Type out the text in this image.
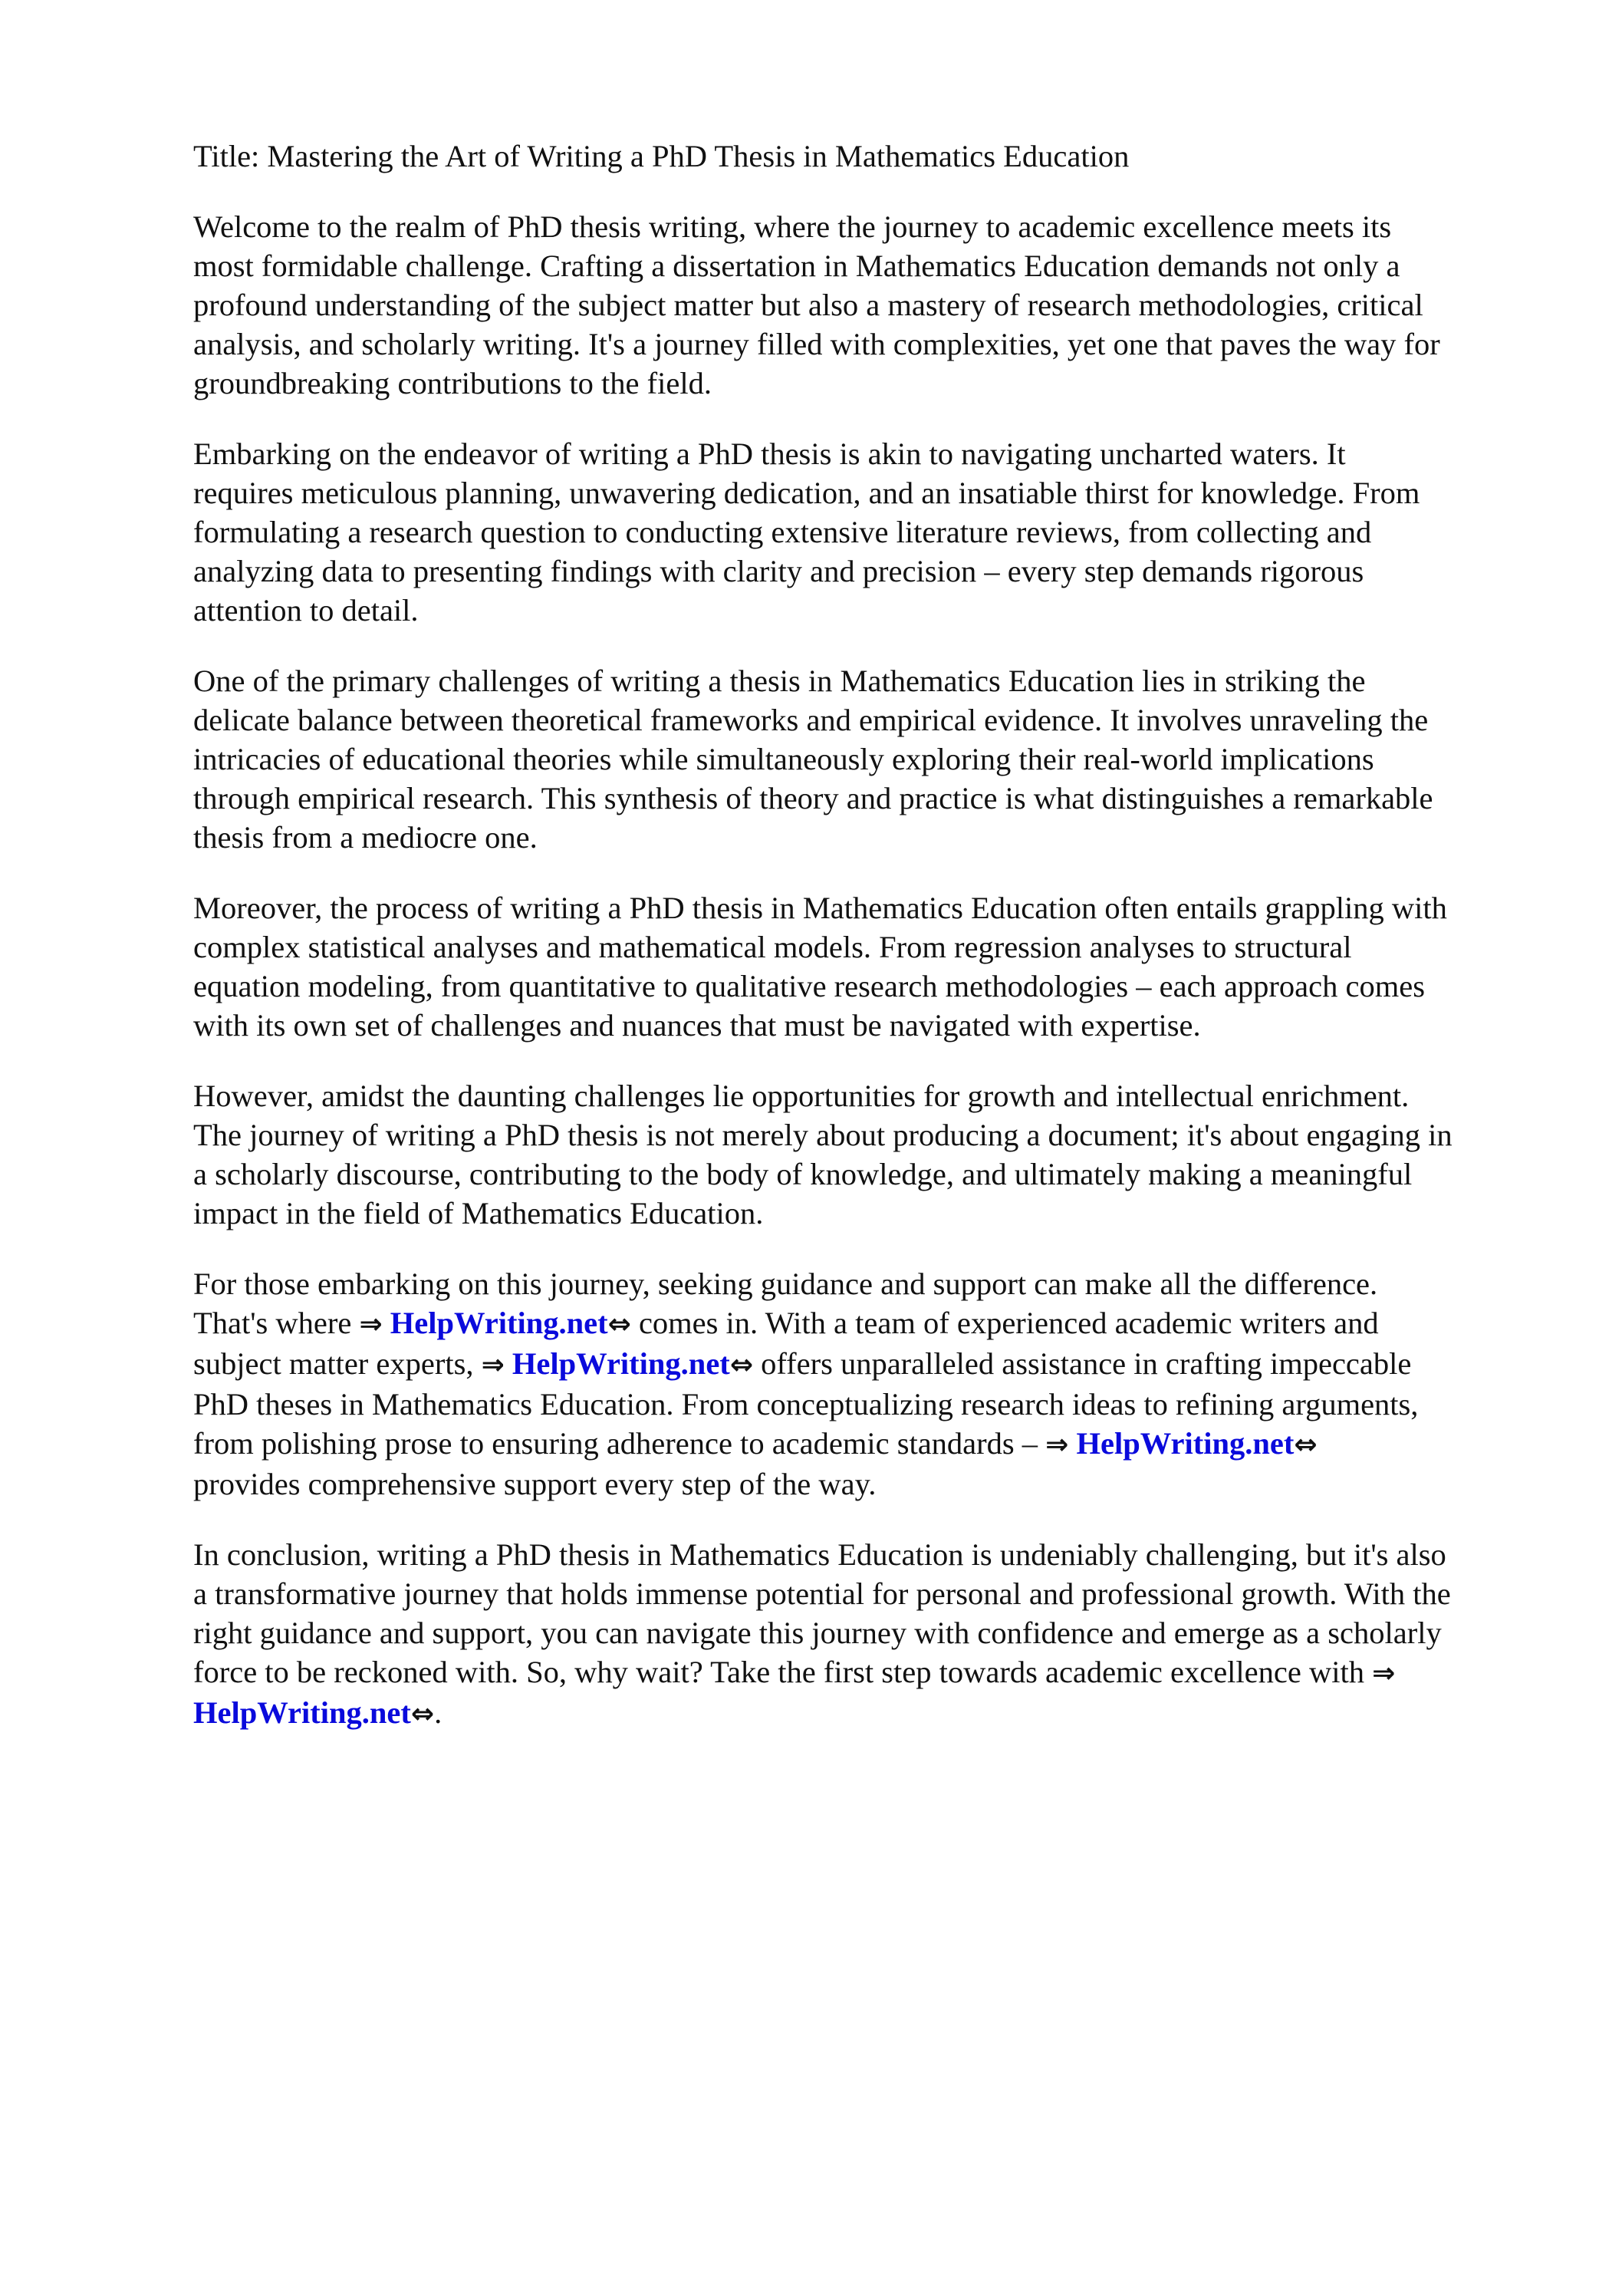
Title: Mastering the Art of Writing a PhD Thesis in Mathematics Education

Welcome to the realm of PhD thesis writing, where the journey to academic excellence meets its
most formidable challenge. Crafting a dissertation in Mathematics Education demands not only a
profound understanding of the subject matter but also a mastery of research methodologies, critical
analysis, and scholarly writing. It's a journey filled with complexities, yet one that paves the way for
groundbreaking contributions to the field.

Embarking on the endeavor of writing a PhD thesis is akin to navigating uncharted waters. It
requires meticulous planning, unwavering dedication, and an insatiable thirst for knowledge. From
formulating a research question to conducting extensive literature reviews, from collecting and
analyzing data to presenting findings with clarity and precision – every step demands rigorous
attention to detail.

One of the primary challenges of writing a thesis in Mathematics Education lies in striking the
delicate balance between theoretical frameworks and empirical evidence. It involves unraveling the
intricacies of educational theories while simultaneously exploring their real-world implications
through empirical research. This synthesis of theory and practice is what distinguishes a remarkable
thesis from a mediocre one.

Moreover, the process of writing a PhD thesis in Mathematics Education often entails grappling with
complex statistical analyses and mathematical models. From regression analyses to structural
equation modeling, from quantitative to qualitative research methodologies – each approach comes
with its own set of challenges and nuances that must be navigated with expertise.

However, amidst the daunting challenges lie opportunities for growth and intellectual enrichment.
The journey of writing a PhD thesis is not merely about producing a document; it's about engaging in
a scholarly discourse, contributing to the body of knowledge, and ultimately making a meaningful
impact in the field of Mathematics Education.

For those embarking on this journey, seeking guidance and support can make all the difference.
That's where ⇒ HelpWriting.net⇔ comes in. With a team of experienced academic writers and
subject matter experts, ⇒ HelpWriting.net⇔ offers unparalleled assistance in crafting impeccable
PhD theses in Mathematics Education. From conceptualizing research ideas to refining arguments,
from polishing prose to ensuring adherence to academic standards – ⇒ HelpWriting.net⇔
provides comprehensive support every step of the way.

In conclusion, writing a PhD thesis in Mathematics Education is undeniably challenging, but it's also
a transformative journey that holds immense potential for personal and professional growth. With the
right guidance and support, you can navigate this journey with confidence and emerge as a scholarly
force to be reckoned with. So, why wait? Take the first step towards academic excellence with ⇒
HelpWriting.net⇔.
